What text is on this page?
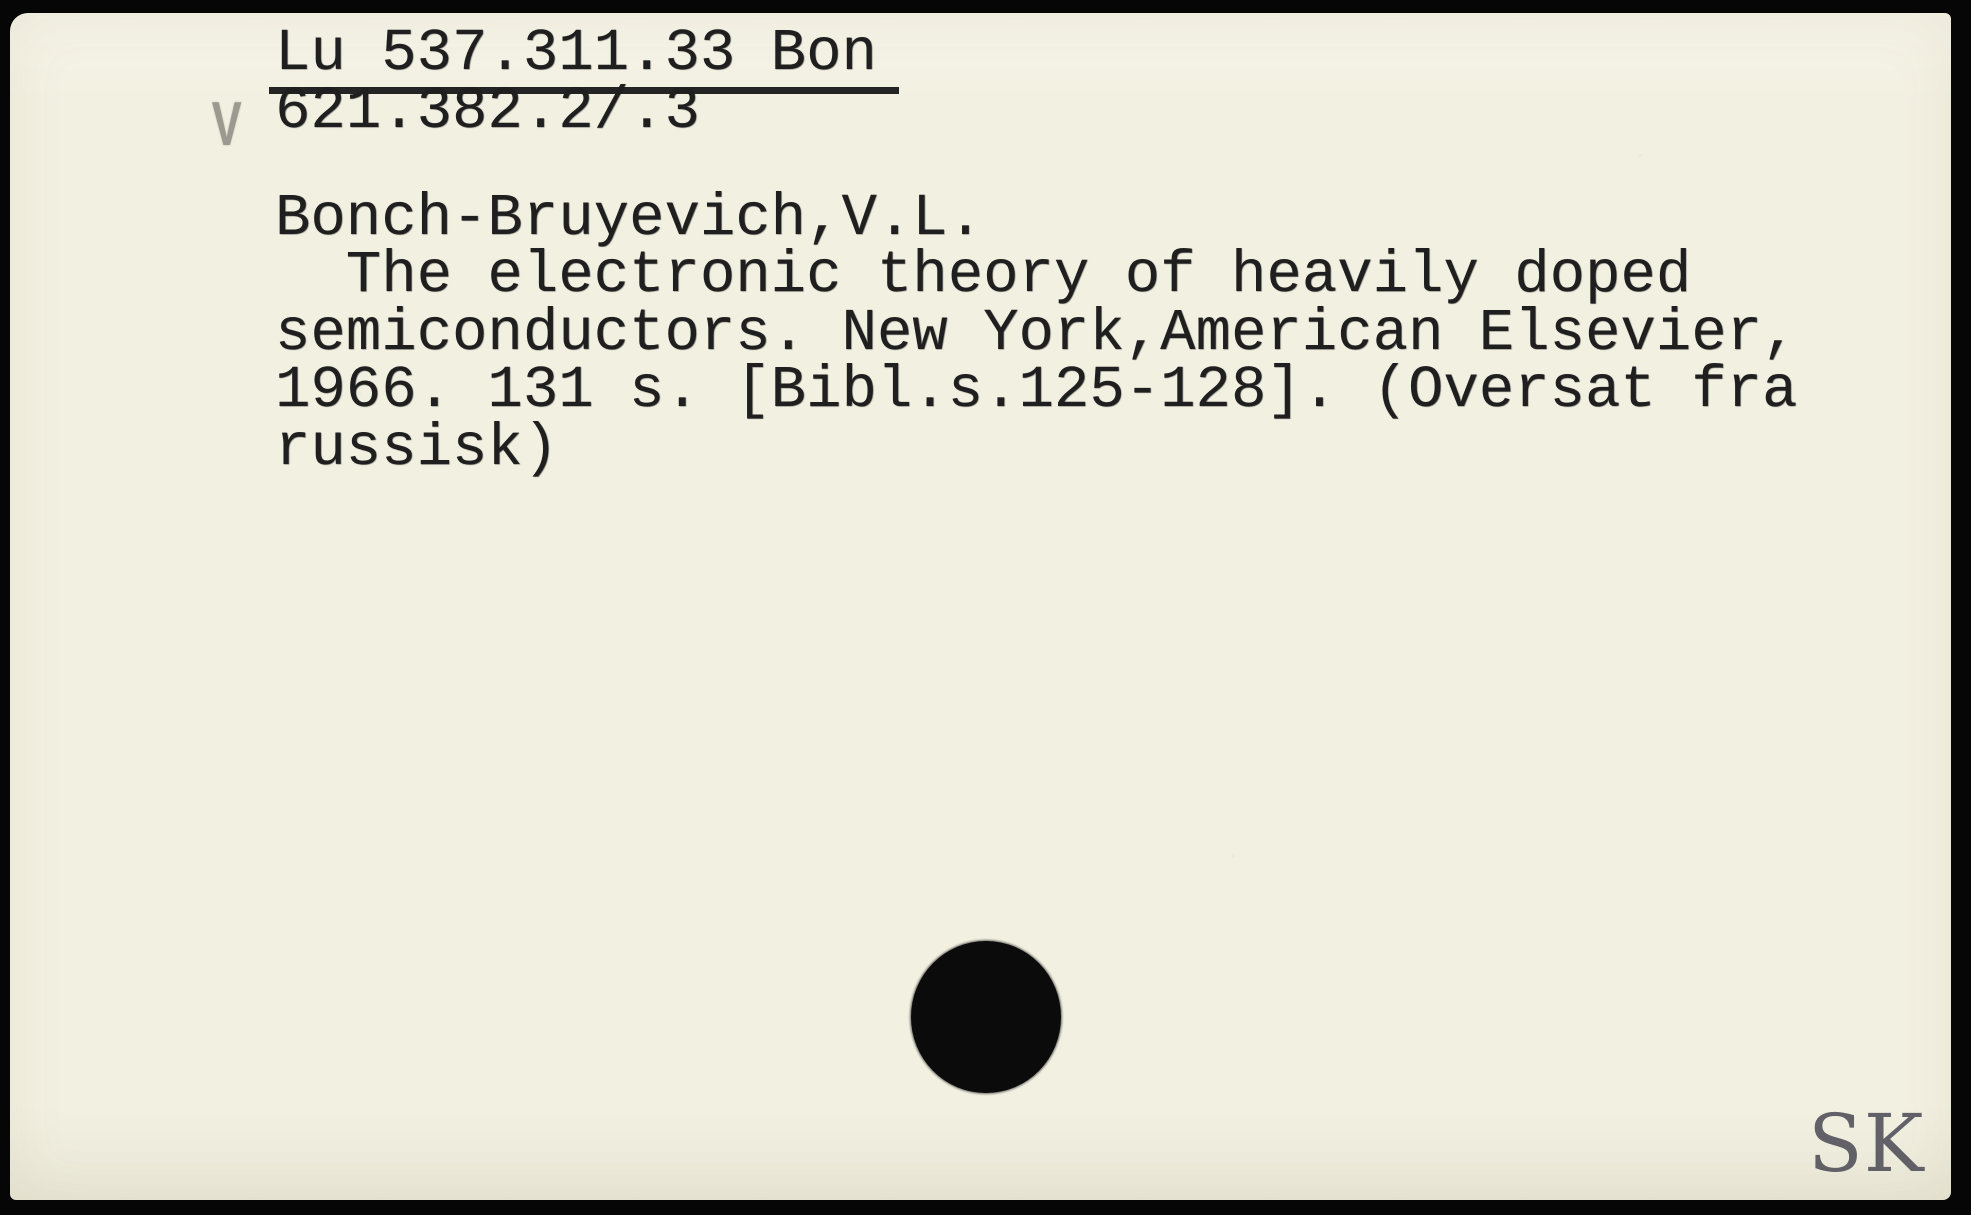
Lu 537.311.33 Bon
V 621.382.2/.3
Bonch-Bruyevich,V.L.
The electronic theory of heavily doped
semiconductors. New York,American Elsevier,
1966. 131 s. [Bibl.s.125-128]. (Oversat fra
russisk)
SK
